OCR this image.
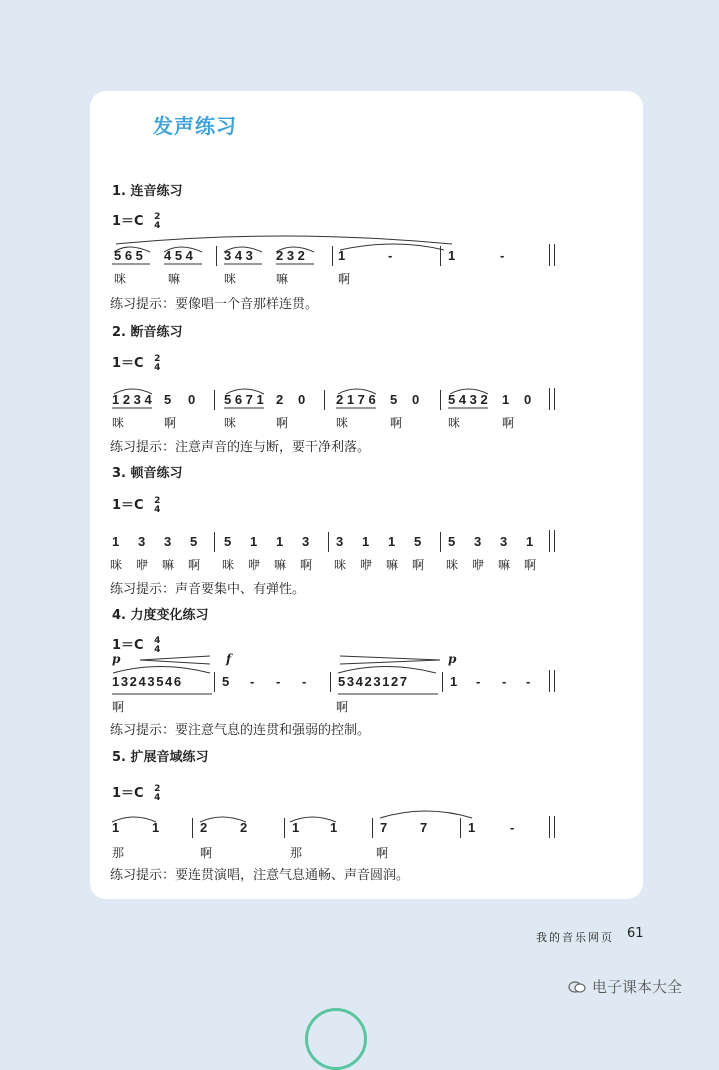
发声练习
1. 连音练习
1＝C 2
4
5 6 5 4 5 4 3 4 3 2 3 2	1	-	1	-
咪	嘛	咪	嘛	啊
练习提示：要像唱一个音那样连贯。
2. 断音练习
1＝C 2
4
1 2 3 4 5 0 5 6 7 1 2 0 2 1 7 6 5 0 5 4 3 2 1 0
咪	啊	咪	啊	咪	啊	咪	啊
练习提示：注意声音的连与断，要干净利落。
3. 顿音练习
1＝C 2
4
1 3 3 5 5 1 1 3 3 1 1 5 5 3 3 1
咪 咿 嘛 啊 咪 咿 嘛 啊 咪 咿 嘛 啊 咪 咿 嘛 啊
练习提示：声音要集中、有弹性。
4. 力度变化练习
1＝C 4
4
p	f	p
1 3 2 4 3 5 4 6	5 - - - 5 3 4 2 3 1 2 7	1 - - -
啊	啊
练习提示：要注意气息的连贯和强弱的控制。
5. 扩展音域练习
1＝C 2
4
1	1	2	2	1 1	7	7	1	-
那	啊	那	啊
练习提示：要连贯演唱，注意气息通畅、声音圆润。
我的音乐网页 61
电子课本大全
